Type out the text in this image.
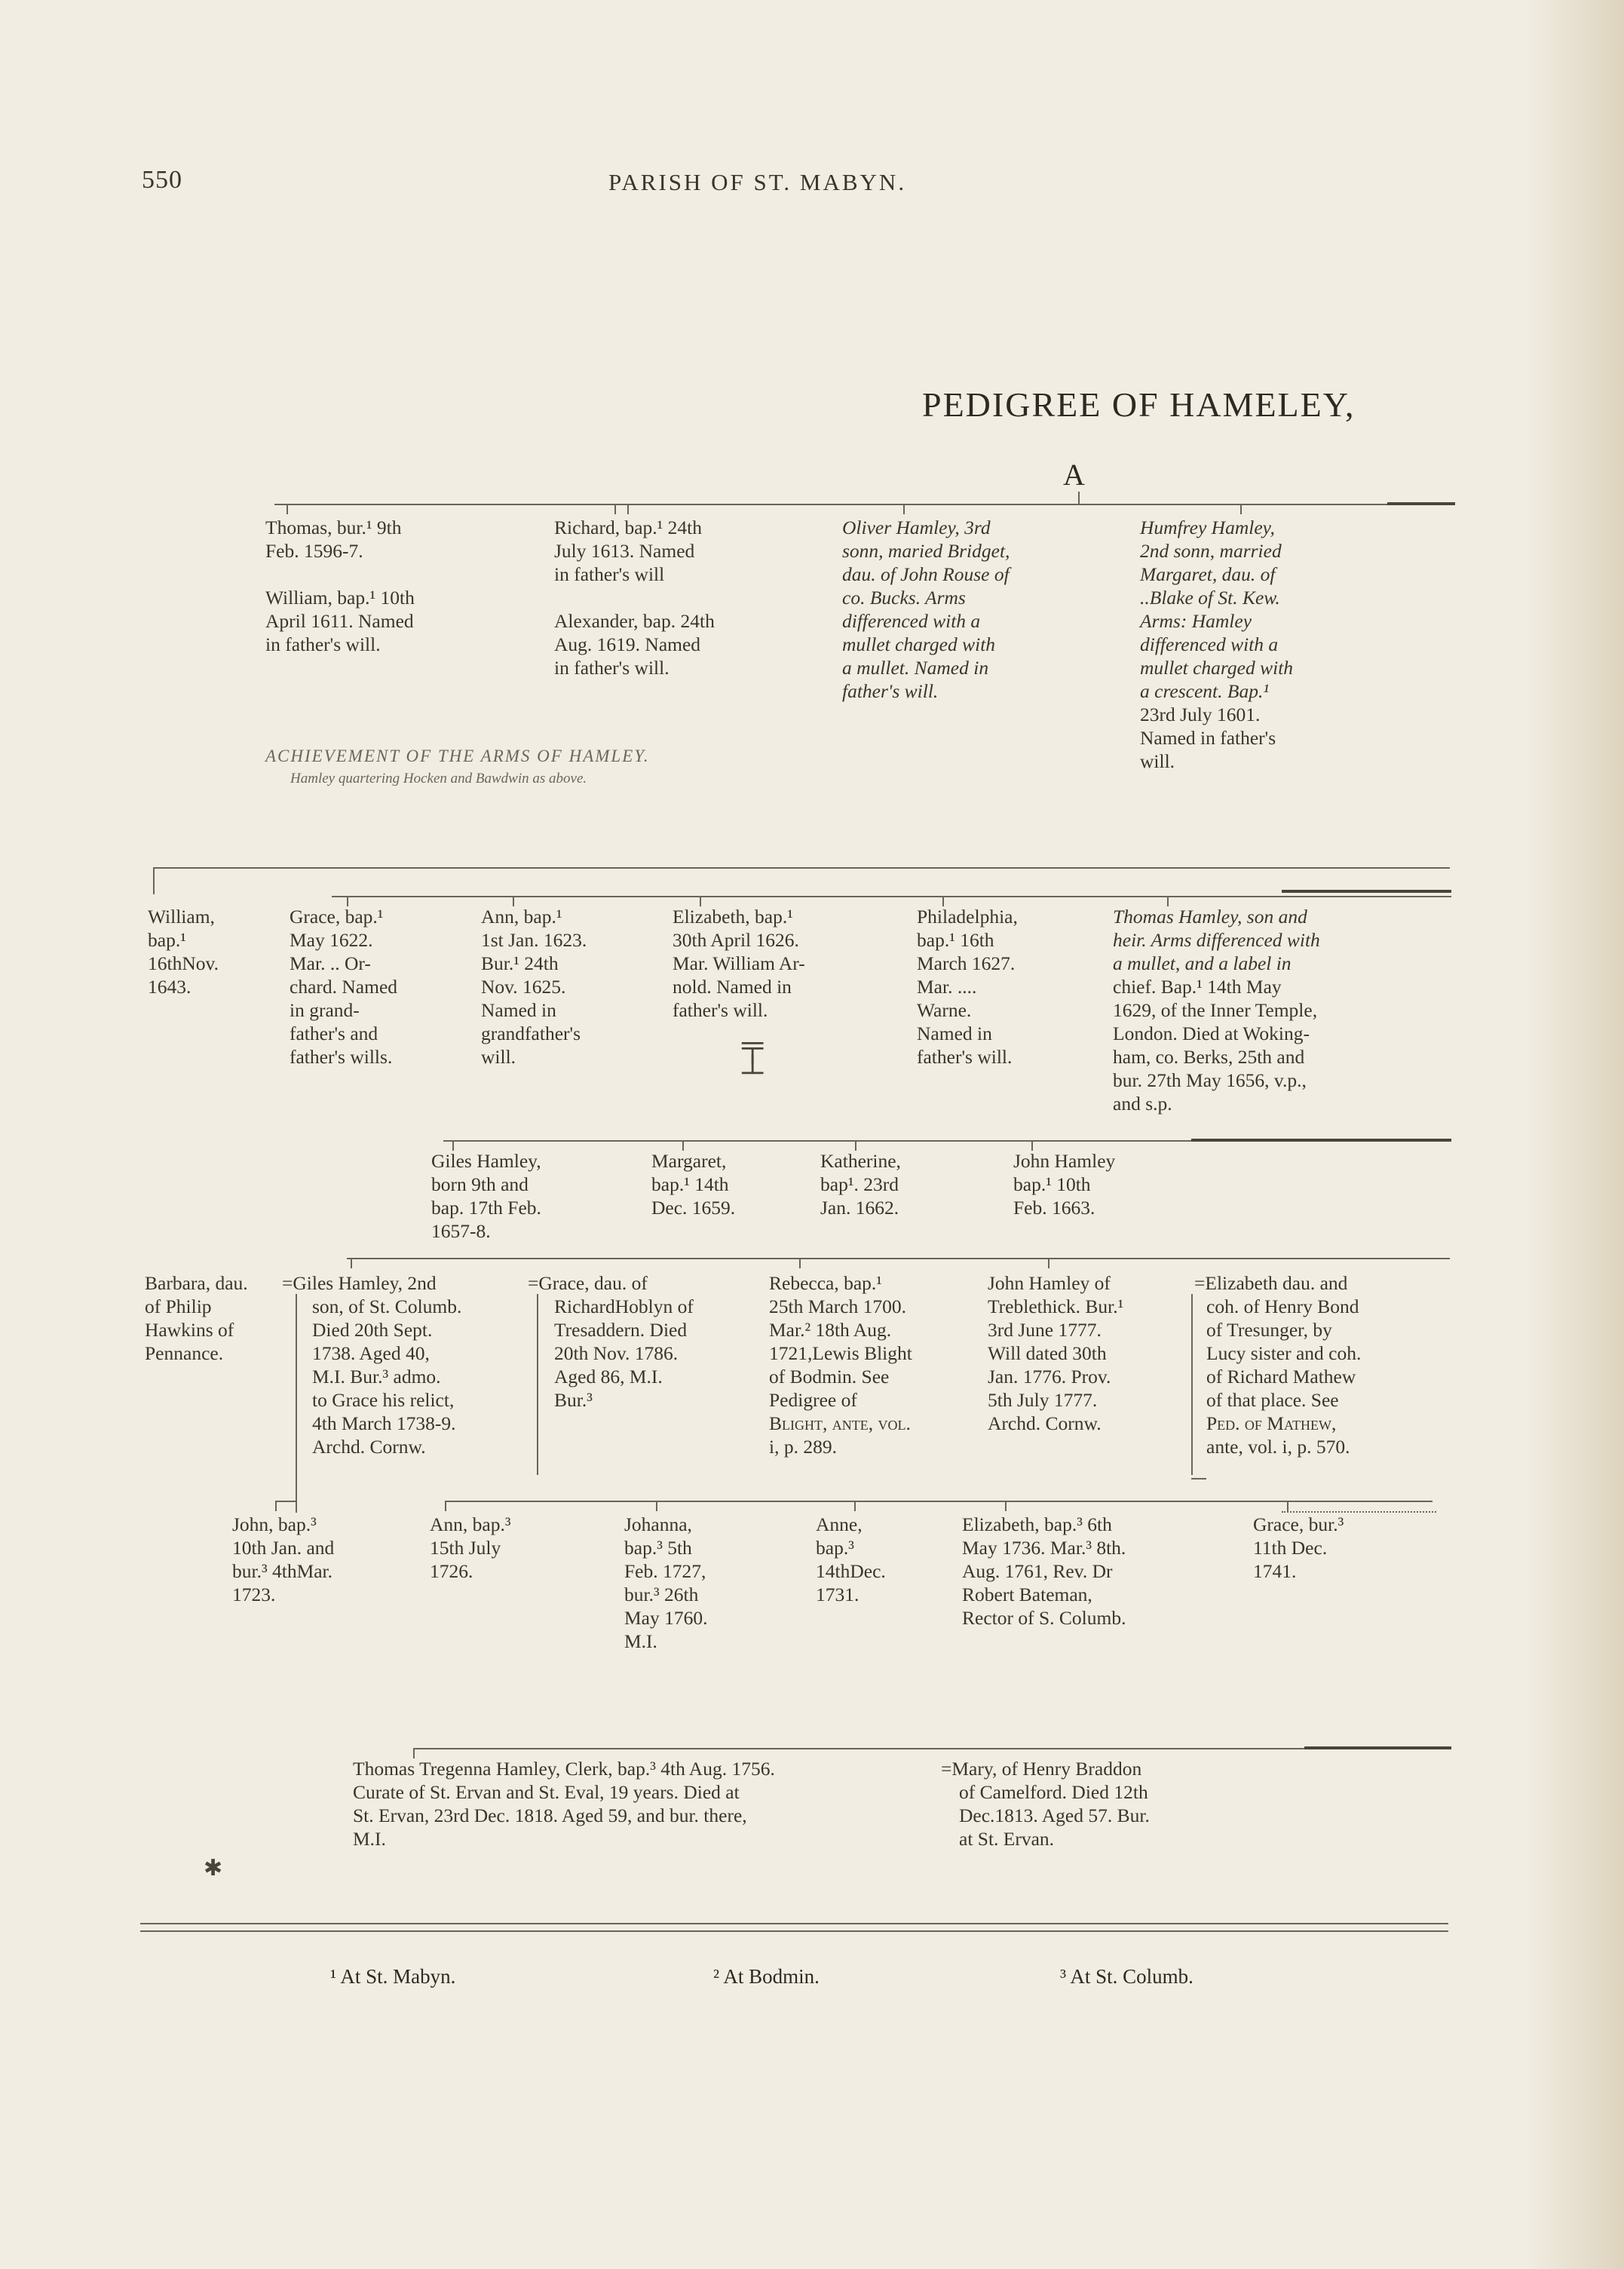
550	PARISH OF ST. MABYN.
PEDIGREE OF HAMELEY,
A
Thomas, bur.¹ 9th
Feb. 1596-7.
William, bap.¹ 10th
April 1611. Named
in father's will.
Richard, bap.¹ 24th
July 1613. Named
in father's will
Alexander, bap. 24th
Aug. 1619. Named
in father's will.
Oliver Hamley, 3rd
sonn, maried Bridget,
dau. of John Rouse of
co. Bucks. Arms
differenced with a
mullet charged with
a mullet. Named in
father's will.
Humfrey Hamley,
2nd sonn, married
Margaret, dau. of
..Blake of St. Kew.
Arms: Hamley
differenced with a
mullet charged with
a crescent. Bap.¹
23rd July 1601.
Named in father's
will.
ACHIEVEMENT OF THE ARMS OF HAMLEY.
Hamley quartering Hocken and Bawdwin as above.
William,
bap.¹
16thNov.
1643.
Grace, bap.¹
May 1622.
Mar. .. Or-
chard. Named
in grand-
father's and
father's wills.
Ann, bap.¹
1st Jan. 1623.
Bur.¹ 24th
Nov. 1625.
Named in
grandfather's
will.
Elizabeth, bap.¹
30th April 1626.
Mar. William Ar-
nold. Named in
father's will.
╤
┴
Philadelphia,
bap.¹ 16th
March 1627.
Mar. ....
Warne.
Named in
father's will.
Thomas Hamley, son and
heir. Arms differenced with
a mullet, and a label in
chief. Bap.¹ 14th May
1629, of the Inner Temple,
London. Died at Woking-
ham, co. Berks, 25th and
bur. 27th May 1656, v.p.,
and s.p.
Giles Hamley,
born 9th and
bap. 17th Feb.
1657-8.
Margaret,
bap.¹ 14th
Dec. 1659.
Katherine,
bap¹. 23rd
Jan. 1662.
John Hamley
bap.¹ 10th
Feb. 1663.
Barbara, dau.
of Philip
Hawkins of
Pennance.
=Giles Hamley, 2nd
son, of St. Columb.
Died 20th Sept.
1738. Aged 40,
M.I. Bur.³ admo.
to Grace his relict,
4th March 1738-9.
Archd. Cornw.
=Grace, dau. of
RichardHoblyn of
Tresaddern. Died
20th Nov. 1786.
Aged 86, M.I.
Bur.³
Rebecca, bap.¹
25th March 1700.
Mar.² 18th Aug.
1721,Lewis Blight
of Bodmin. See
Pedigree of
Blight, ante, vol.
i, p. 289.
John Hamley of
Treblethick. Bur.¹
3rd June 1777.
Will dated 30th
Jan. 1776. Prov.
5th July 1777.
Archd. Cornw.
=Elizabeth dau. and
coh. of Henry Bond
of Tresunger, by
Lucy sister and coh.
of Richard Mathew
of that place. See
Ped. of Mathew,
ante, vol. i, p. 570.
John, bap.³
10th Jan. and
bur.³ 4thMar.
1723.
Ann, bap.³
15th July
1726.
Johanna,
bap.³ 5th
Feb. 1727,
bur.³ 26th
May 1760.
M.I.
Anne,
bap.³
14thDec.
1731.
Elizabeth, bap.³ 6th
May 1736. Mar.³ 8th.
Aug. 1761, Rev. Dr
Robert Bateman,
Rector of S. Columb.
Grace, bur.³
11th Dec.
1741.
Thomas Tregenna Hamley, Clerk, bap.³ 4th Aug. 1756.
Curate of St. Ervan and St. Eval, 19 years. Died at
St. Ervan, 23rd Dec. 1818. Aged 59, and bur. there,
M.I.
=Mary, of Henry Braddon
of Camelford. Died 12th
Dec.1813. Aged 57. Bur.
at St. Ervan.
✱
¹ At St. Mabyn.	² At Bodmin.	³ At St. Columb.
